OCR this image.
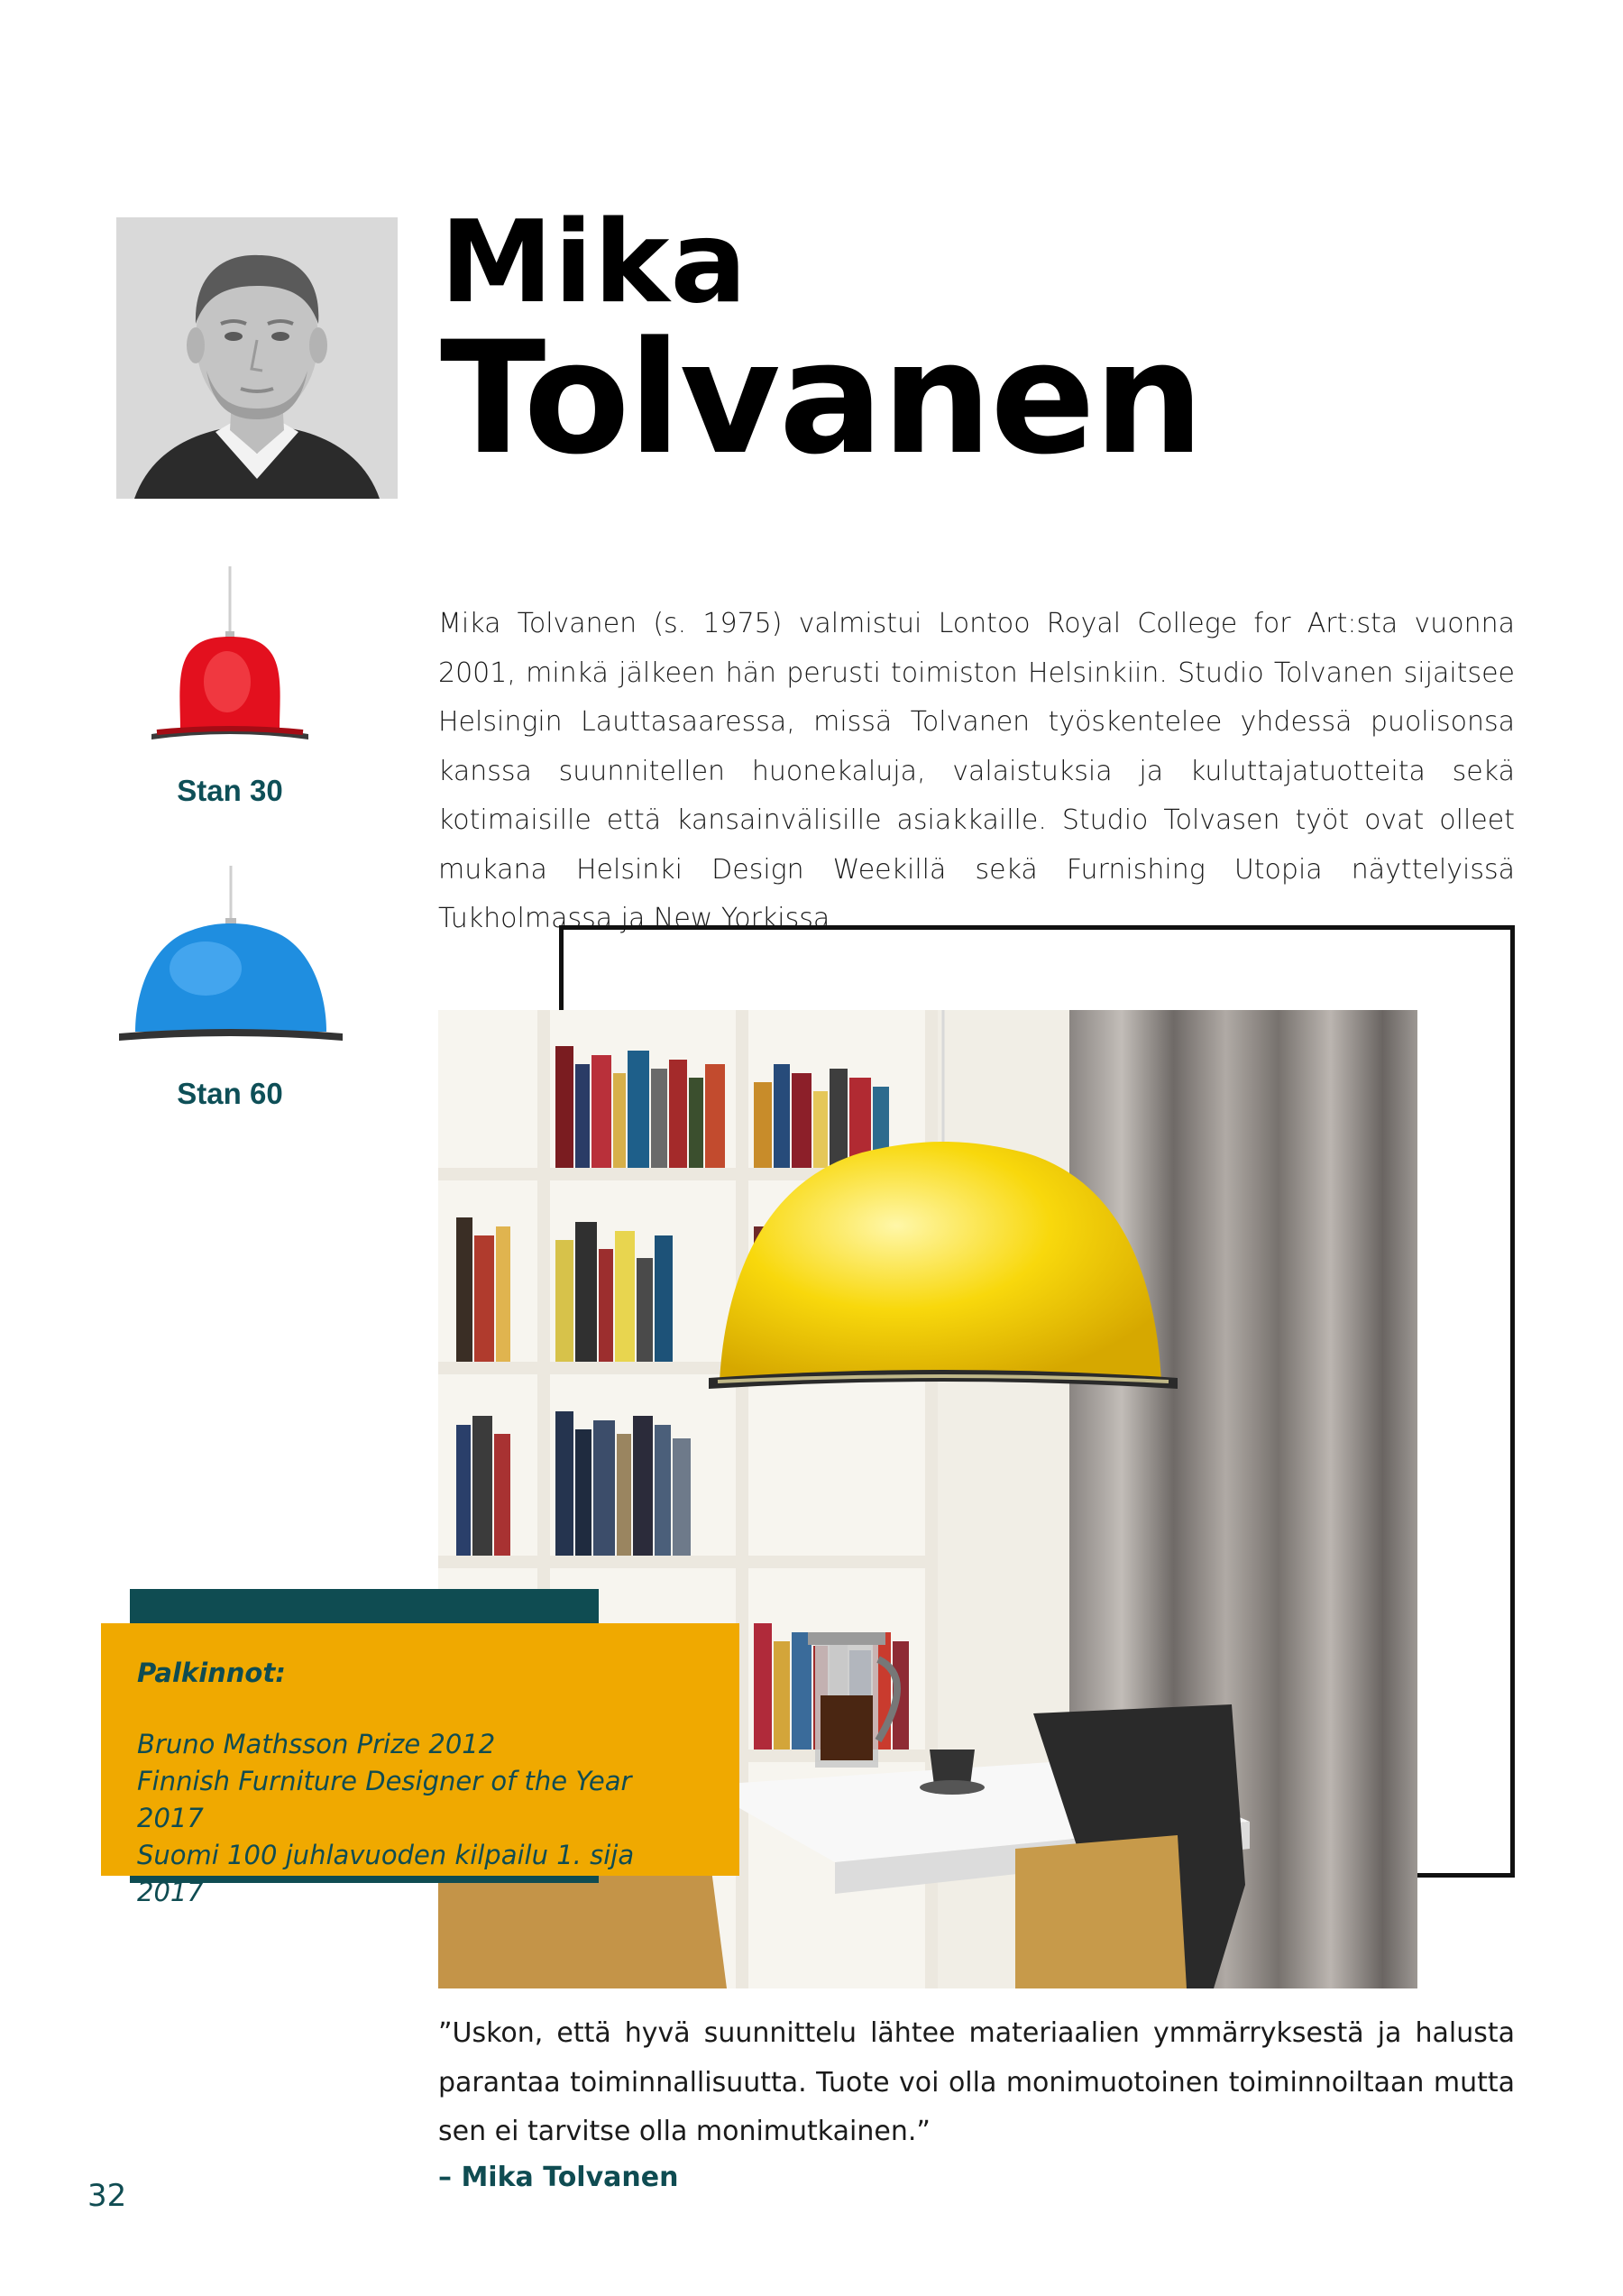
Mika
Tolvanen
Stan 30
Stan 60
Mika Tolvanen (s. 1975) valmistui Lontoo Royal College for Art:sta vuonna 2001, minkä jälkeen hän perusti toimiston Helsinkiin. Studio Tolvanen sijaitsee Helsingin Lauttasaaressa, missä Tolvanen työskentelee yhdessä puolisonsa kanssa suunnitellen huonekaluja, valaistuksia ja kuluttajatuotteita sekä kotimaisille että kansainvälisille asiakkaille. Studio Tolvasen työt ovat olleet mukana Helsinki Design Weekillä sekä Furnishing Utopia näyttelyissä Tukholmassa ja New Yorkissa.
Palkinnot:
Bruno Mathsson Prize 2012
Finnish Furniture Designer of the Year 2017
Suomi 100 juhlavuoden kilpailu 1. sija 2017
”Uskon, että hyvä suunnittelu lähtee materiaalien ymmärryksestä ja halusta parantaa toiminnallisuutta. Tuote voi olla monimuotoinen toiminnoiltaan mutta sen ei tarvitse olla monimutkainen.”
– Mika Tolvanen
32
